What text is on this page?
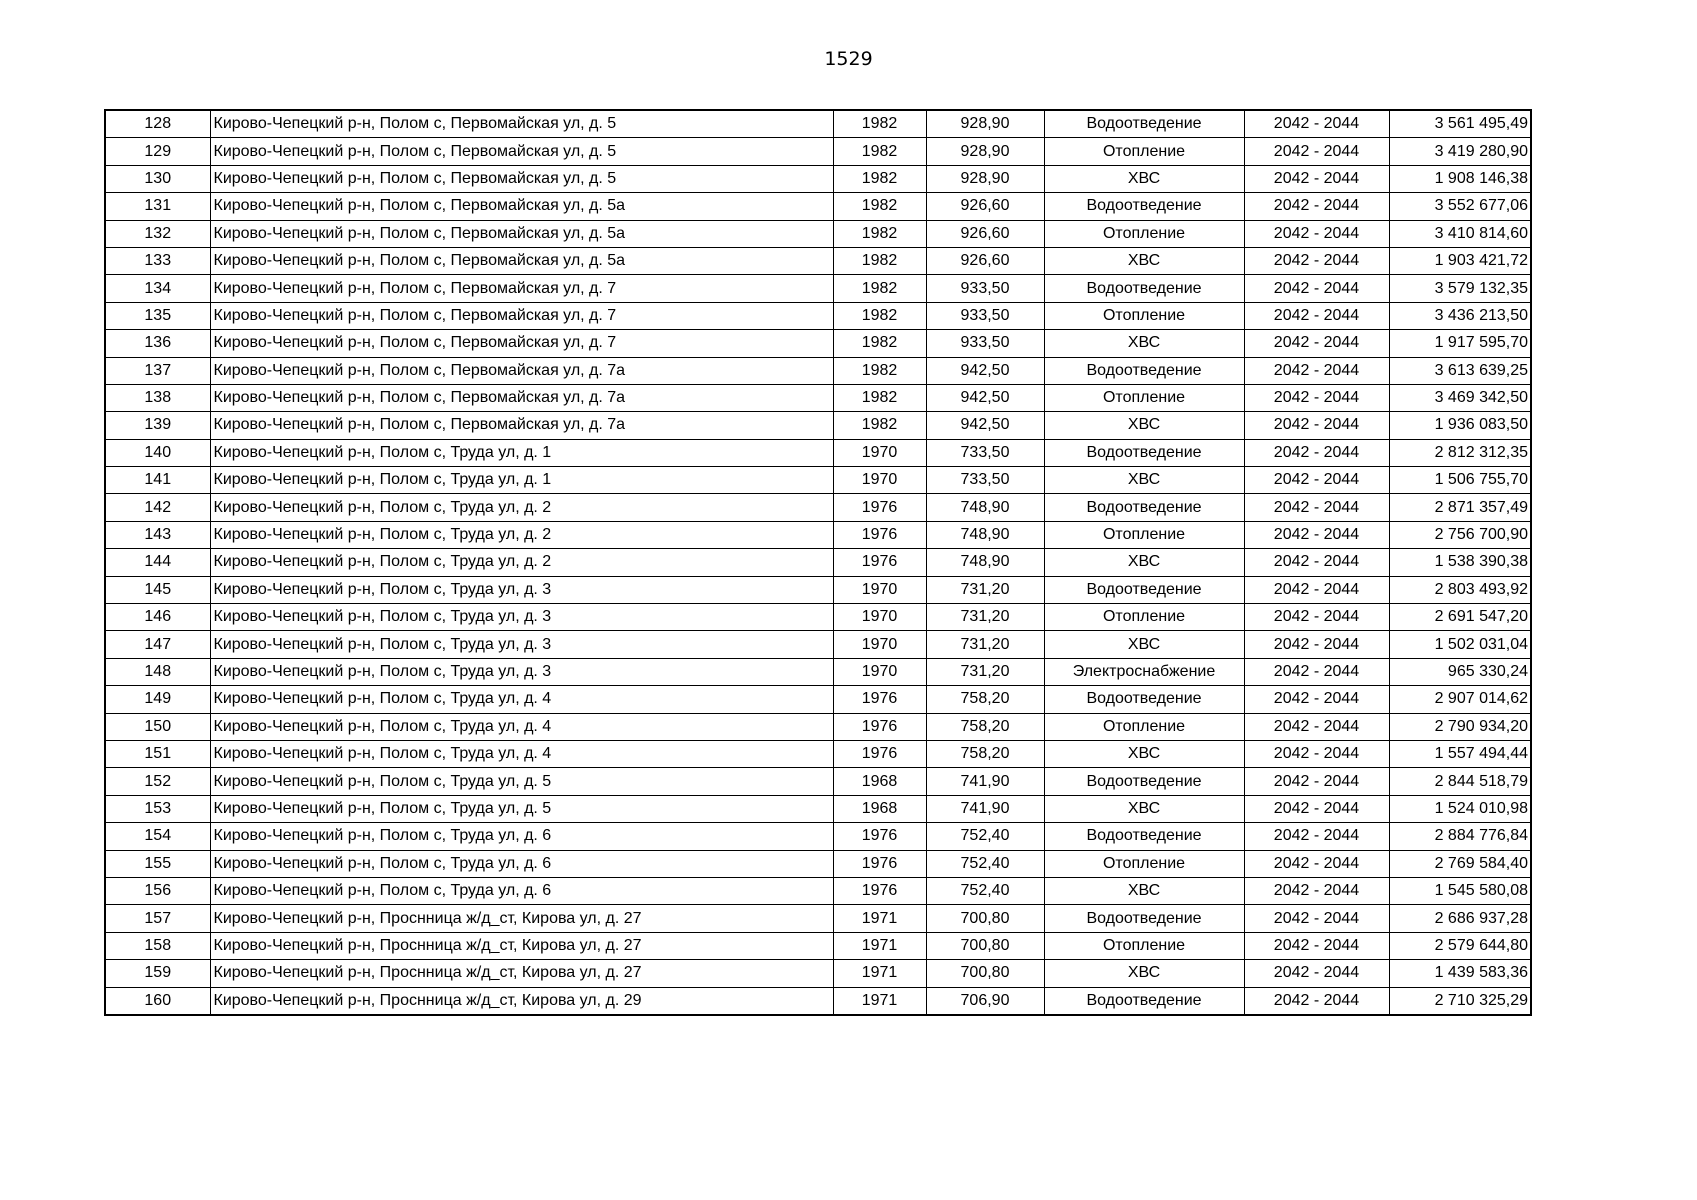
1529
128	Кирово-Чепецкий р-н, Полом с, Первомайская ул, д. 5	1982	928,90	Водоотведение	2042 - 2044	3 561 495,49
129	Кирово-Чепецкий р-н, Полом с, Первомайская ул, д. 5	1982	928,90	Отопление	2042 - 2044	3 419 280,90
130	Кирово-Чепецкий р-н, Полом с, Первомайская ул, д. 5	1982	928,90	ХВС	2042 - 2044	1 908 146,38
131	Кирово-Чепецкий р-н, Полом с, Первомайская ул, д. 5а	1982	926,60	Водоотведение	2042 - 2044	3 552 677,06
132	Кирово-Чепецкий р-н, Полом с, Первомайская ул, д. 5а	1982	926,60	Отопление	2042 - 2044	3 410 814,60
133	Кирово-Чепецкий р-н, Полом с, Первомайская ул, д. 5а	1982	926,60	ХВС	2042 - 2044	1 903 421,72
134	Кирово-Чепецкий р-н, Полом с, Первомайская ул, д. 7	1982	933,50	Водоотведение	2042 - 2044	3 579 132,35
135	Кирово-Чепецкий р-н, Полом с, Первомайская ул, д. 7	1982	933,50	Отопление	2042 - 2044	3 436 213,50
136	Кирово-Чепецкий р-н, Полом с, Первомайская ул, д. 7	1982	933,50	ХВС	2042 - 2044	1 917 595,70
137	Кирово-Чепецкий р-н, Полом с, Первомайская ул, д. 7а	1982	942,50	Водоотведение	2042 - 2044	3 613 639,25
138	Кирово-Чепецкий р-н, Полом с, Первомайская ул, д. 7а	1982	942,50	Отопление	2042 - 2044	3 469 342,50
139	Кирово-Чепецкий р-н, Полом с, Первомайская ул, д. 7а	1982	942,50	ХВС	2042 - 2044	1 936 083,50
140	Кирово-Чепецкий р-н, Полом с, Труда ул, д. 1	1970	733,50	Водоотведение	2042 - 2044	2 812 312,35
141	Кирово-Чепецкий р-н, Полом с, Труда ул, д. 1	1970	733,50	ХВС	2042 - 2044	1 506 755,70
142	Кирово-Чепецкий р-н, Полом с, Труда ул, д. 2	1976	748,90	Водоотведение	2042 - 2044	2 871 357,49
143	Кирово-Чепецкий р-н, Полом с, Труда ул, д. 2	1976	748,90	Отопление	2042 - 2044	2 756 700,90
144	Кирово-Чепецкий р-н, Полом с, Труда ул, д. 2	1976	748,90	ХВС	2042 - 2044	1 538 390,38
145	Кирово-Чепецкий р-н, Полом с, Труда ул, д. 3	1970	731,20	Водоотведение	2042 - 2044	2 803 493,92
146	Кирово-Чепецкий р-н, Полом с, Труда ул, д. 3	1970	731,20	Отопление	2042 - 2044	2 691 547,20
147	Кирово-Чепецкий р-н, Полом с, Труда ул, д. 3	1970	731,20	ХВС	2042 - 2044	1 502 031,04
148	Кирово-Чепецкий р-н, Полом с, Труда ул, д. 3	1970	731,20	Электроснабжение	2042 - 2044	965 330,24
149	Кирово-Чепецкий р-н, Полом с, Труда ул, д. 4	1976	758,20	Водоотведение	2042 - 2044	2 907 014,62
150	Кирово-Чепецкий р-н, Полом с, Труда ул, д. 4	1976	758,20	Отопление	2042 - 2044	2 790 934,20
151	Кирово-Чепецкий р-н, Полом с, Труда ул, д. 4	1976	758,20	ХВС	2042 - 2044	1 557 494,44
152	Кирово-Чепецкий р-н, Полом с, Труда ул, д. 5	1968	741,90	Водоотведение	2042 - 2044	2 844 518,79
153	Кирово-Чепецкий р-н, Полом с, Труда ул, д. 5	1968	741,90	ХВС	2042 - 2044	1 524 010,98
154	Кирово-Чепецкий р-н, Полом с, Труда ул, д. 6	1976	752,40	Водоотведение	2042 - 2044	2 884 776,84
155	Кирово-Чепецкий р-н, Полом с, Труда ул, д. 6	1976	752,40	Отопление	2042 - 2044	2 769 584,40
156	Кирово-Чепецкий р-н, Полом с, Труда ул, д. 6	1976	752,40	ХВС	2042 - 2044	1 545 580,08
157	Кирово-Чепецкий р-н, Проснница ж/д_ст, Кирова ул, д. 27	1971	700,80	Водоотведение	2042 - 2044	2 686 937,28
158	Кирово-Чепецкий р-н, Проснница ж/д_ст, Кирова ул, д. 27	1971	700,80	Отопление	2042 - 2044	2 579 644,80
159	Кирово-Чепецкий р-н, Проснница ж/д_ст, Кирова ул, д. 27	1971	700,80	ХВС	2042 - 2044	1 439 583,36
160	Кирово-Чепецкий р-н, Проснница ж/д_ст, Кирова ул, д. 29	1971	706,90	Водоотведение	2042 - 2044	2 710 325,29
